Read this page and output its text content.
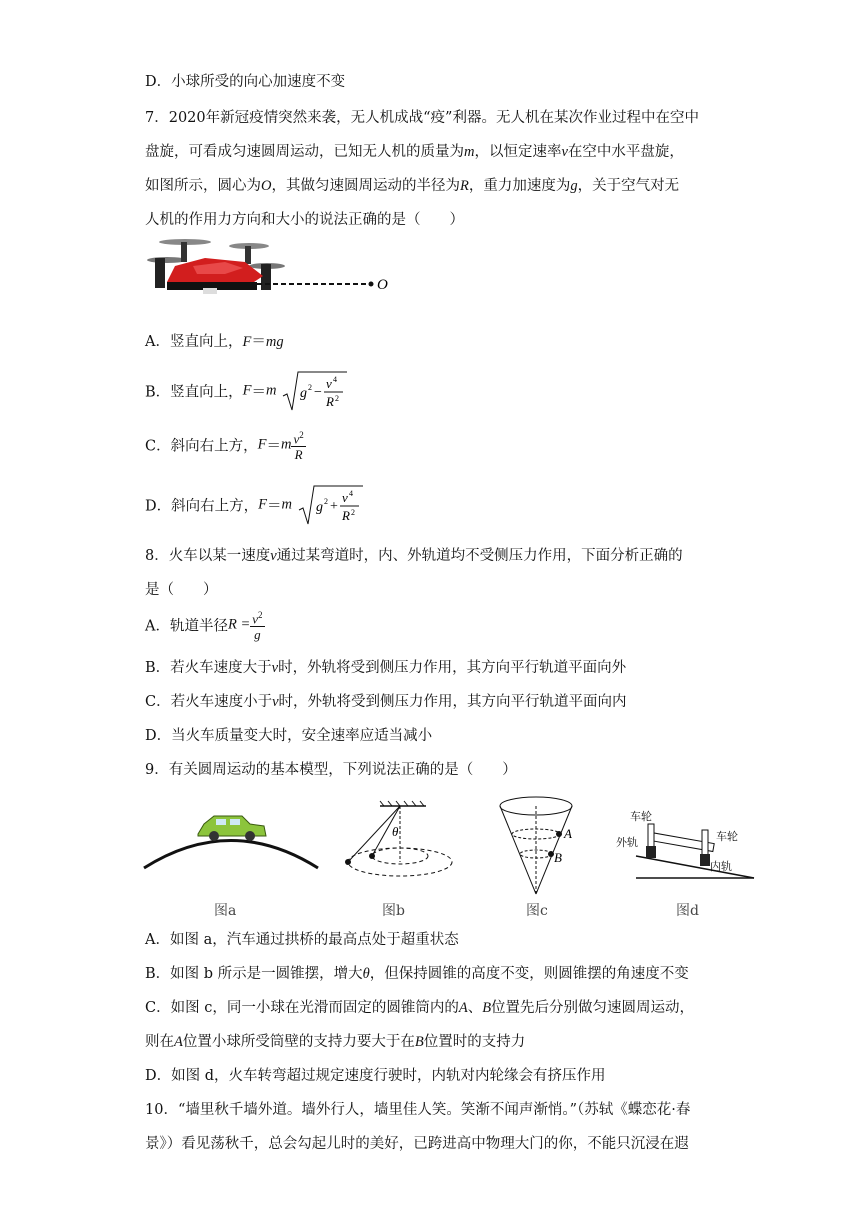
D．小球所受的向心加速度不变
7．2020年新冠疫情突然来袭，无人机成战“疫”利器。无人机在某次作业过程中在空中
盘旋，可看成匀速圆周运动，已知无人机的质量为m，以恒定速率v在空中水平盘旋，
如图所示，圆心为O，其做匀速圆周运动的半径为R，重力加速度为g，关于空气对无
人机的作用力方向和大小的说法正确的是（　　）
O
A．竖直向上，F＝mg
B．竖直向上，F＝m g 2 −
v 4
R 2
C．斜向右上方，$F=m \frac{v^2}{R}$
D．斜向右上方，F＝m g 2 +
v 4
R 2
8．火车以某一速度v通过某弯道时，内、外轨道均不受侧压力作用，下面分析正确的
是（　　）
A．轨道半径$R = \frac{v^2}{g}$
B．若火车速度大于v时，外轨将受到侧压力作用，其方向平行轨道平面向外
C．若火车速度小于v时，外轨将受到侧压力作用，其方向平行轨道平面向内
D．当火车质量变大时，安全速率应适当减小
9．有关圆周运动的基本模型，下列说法正确的是（　　）
图a
θ
图b
A
B
图c
车轮
外轨	车轮
内轨
图d
A．如图 a，汽车通过拱桥的最高点处于超重状态
B．如图 b 所示是一圆锥摆，增大θ，但保持圆锥的高度不变，则圆锥摆的角速度不变
C．如图 c，同一小球在光滑而固定的圆锥筒内的A、B位置先后分别做匀速圆周运动，
则在A位置小球所受筒壁的支持力要大于在B位置时的支持力
D．如图 d，火车转弯超过规定速度行驶时，内轨对内轮缘会有挤压作用
10．“墙里秋千墙外道。墙外行人，墙里佳人笑。笑渐不闻声渐悄。”（苏轼《蝶恋花·春
景》）看见荡秋千，总会勾起儿时的美好，已跨进高中物理大门的你，不能只沉浸在遐
